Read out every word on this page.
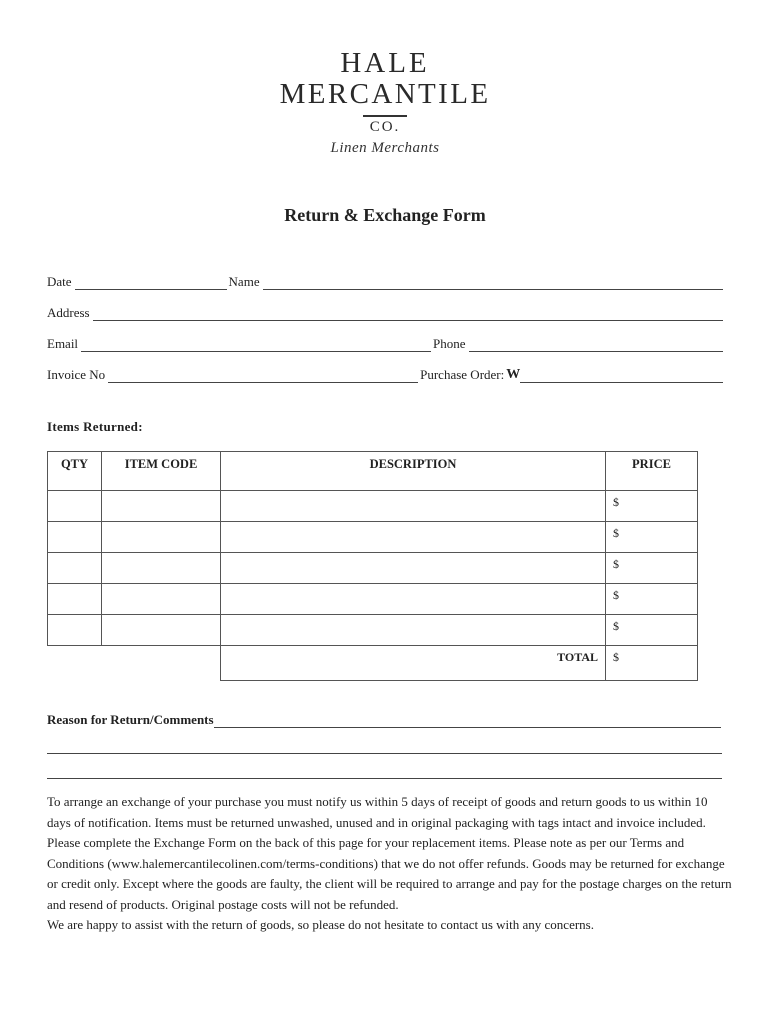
HALE
MERCANTILE
CO.
Linen Merchants
Return & Exchange Form
Date	Name
Address
Email	Phone
Invoice No	Purchase Order: W
Items Returned:
QTY	ITEM CODE	DESCRIPTION	PRICE

			$

			$

			$

			$

			$

		TOTAL	$
Reason for Return/Comments

To arrange an exchange of your purchase you must notify us within 5 days of receipt of goods and return goods to us within 10 days of notification. Items must be returned unwashed, unused and in original packaging with tags intact and invoice included.

Please complete the Exchange Form on the back of this page for your replacement items. Please note as per our Terms and Conditions (www.halemercantilecolinen.com/terms-conditions) that we do not offer refunds. Goods may be returned for exchange or credit only. Except where the goods are faulty, the client will be required to arrange and pay for the postage charges on the return and resend of products. Original postage costs will not be refunded.

We are happy to assist with the return of goods, so please do not hesitate to contact us with any concerns.
